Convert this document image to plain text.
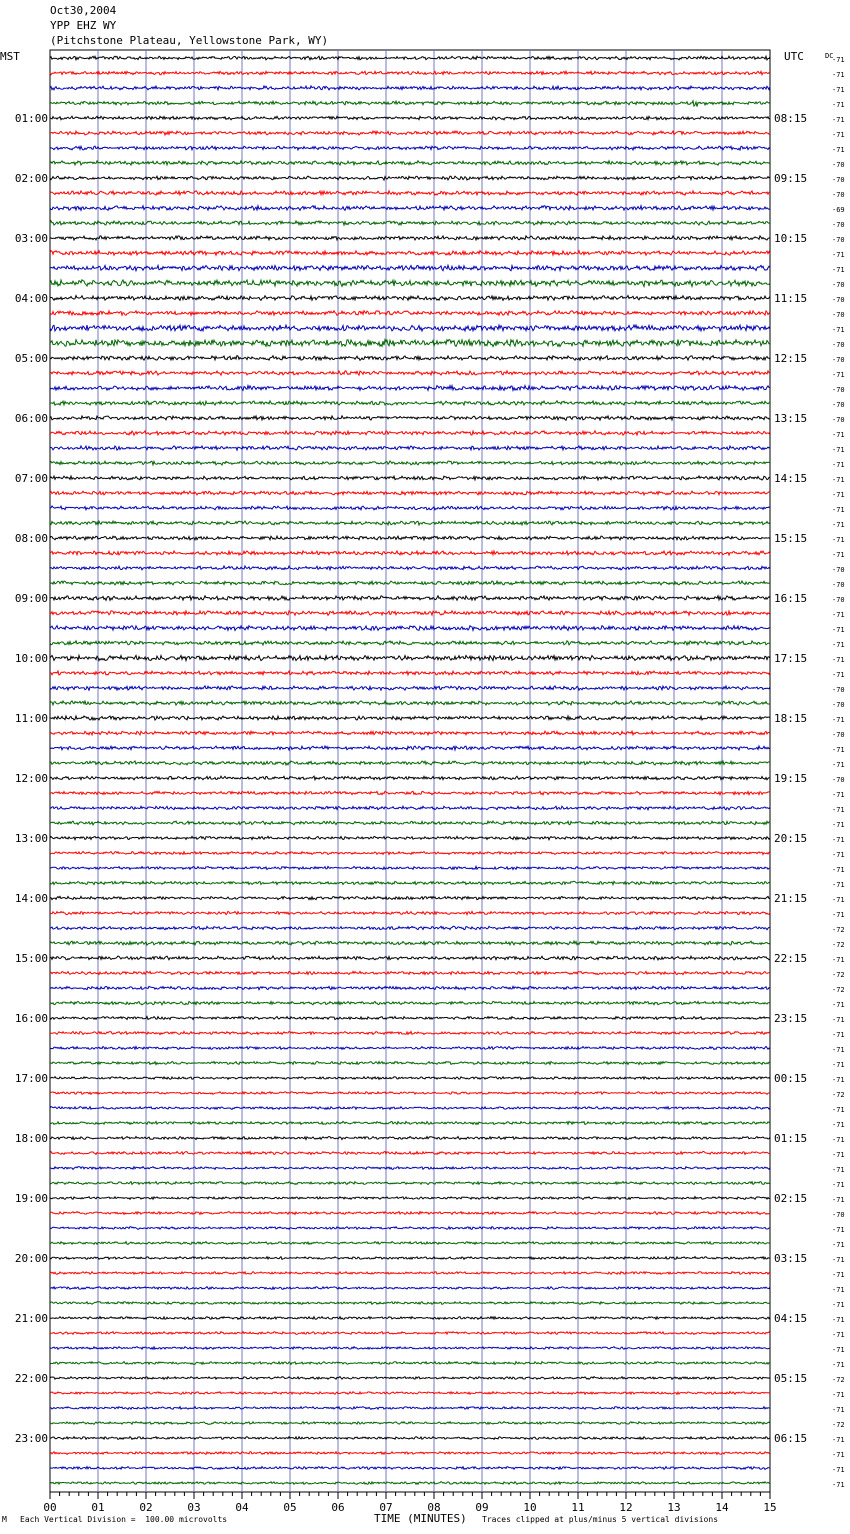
Oct30,2004
YPP EHZ WY
(Pitchstone Plateau, Yellowstone Park, WY)
MST	UTC	-71
-71
-71
-71
-71
-71
-71
-70
-70
-70
-69
-70
-70
-71
-71
-70
-70
-70
-71
-70
-70
-71
-70
-70
-70
-71
-71
-71
-71
-71
-71
-71
-71
-71
-70
-70
-70
-71
-71
-71
-71
-71
-70
-70
-71
-70
-71
-71
-70
-71
-71
-71
-71
-71
-71
-71
-71
-71
-72
-72
-71
-72
-72
-71
-71
-71
-71
-71
-71
-72
-71
-71
-71
-71
-71
-71
-71
-70
-71
-71
-71
-71
-71
-71
-71
-71
-71
-71
-72
-71
-71
-72
-71
-71
-71
-71
DC
01:00
02:00
03:00
04:00
05:00
06:00
07:00
08:00
09:00
10:00
11:00
12:00
13:00
14:00
15:00
16:00
17:00
18:00
19:00
20:00
21:00
22:00
23:00
08:15
09:15
10:15
11:15
12:15
13:15
14:15
15:15
16:15
17:15
18:15
19:15
20:15
21:15
22:15
23:15
00:15
01:15
02:15
03:15
04:15
05:15
06:15
00	01	02	03	04	05	06	07	08	09	10	11	12	13	14	15
M Each Vertical Division =  100.00 microvolts	TIME (MINUTES) Traces clipped at plus/minus 5 vertical divisions
